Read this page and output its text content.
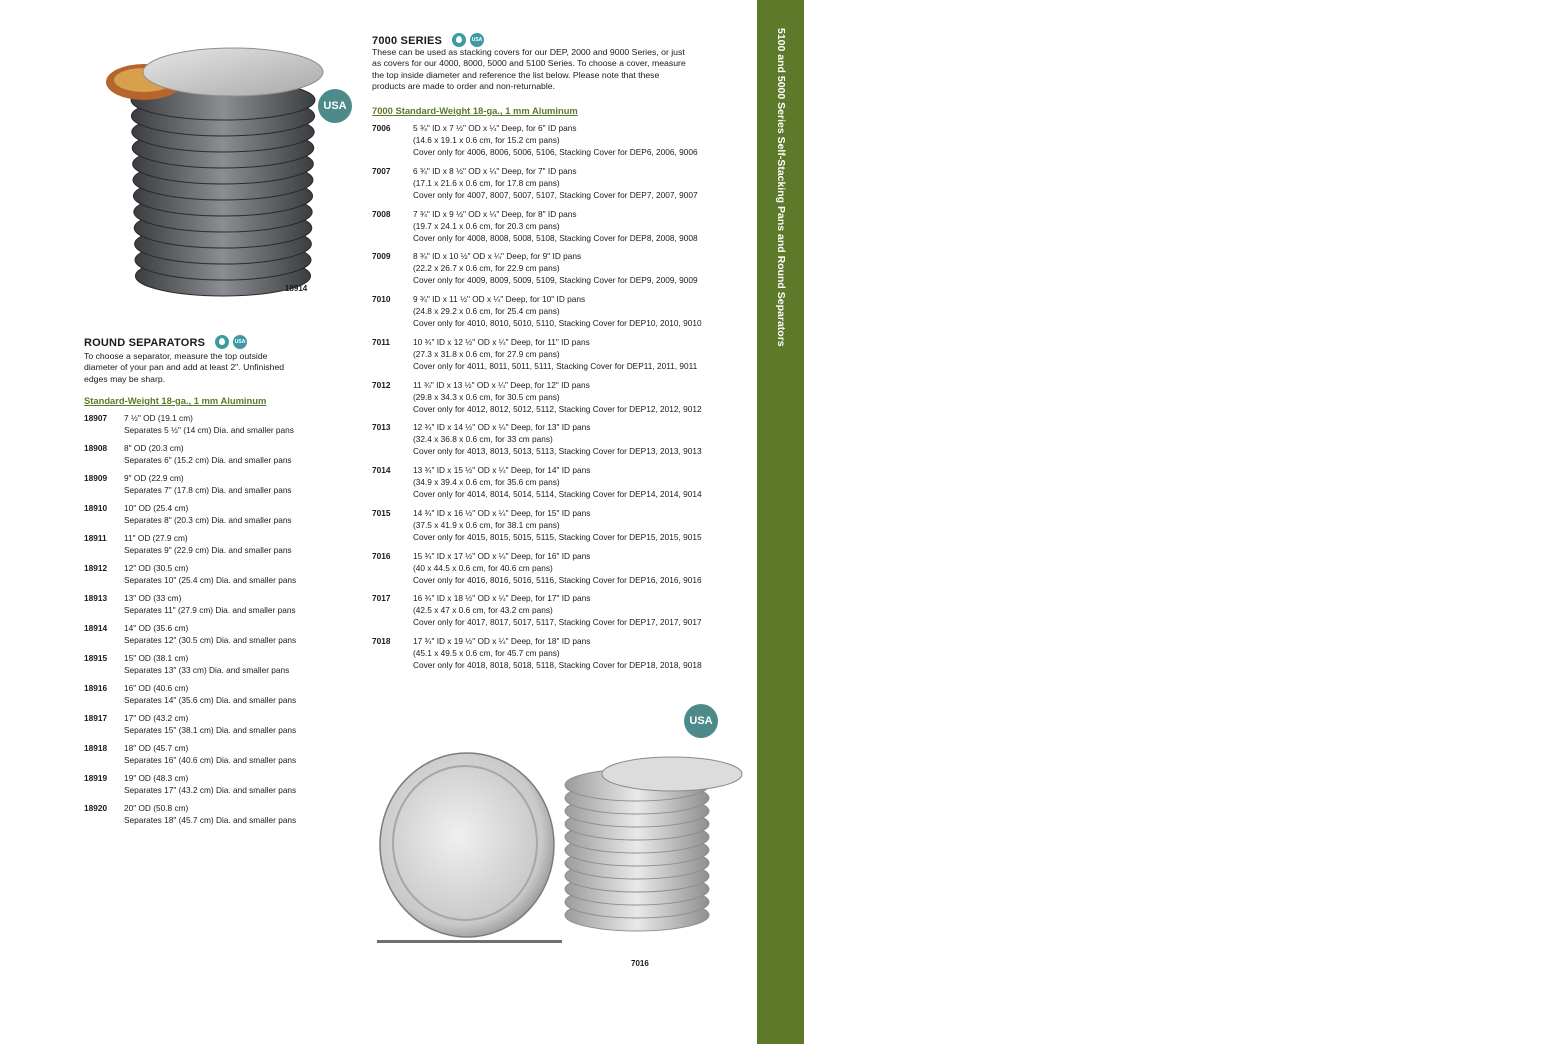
5100 and 5000 Series Self-Stacking Pans and Round Separators
417
USA
18914
ROUND SEPARATORS	USA
To choose a separator, measure the top outside
diameter of your pan and add at least 2". Unfinished
edges may be sharp.
Standard-Weight 18-ga., 1 mm Aluminum
18907 7 ½" OD (19.1 cm)
Separates 5 ½" (14 cm) Dia. and smaller pans
18908 8" OD (20.3 cm)
Separates 6" (15.2 cm) Dia. and smaller pans
18909 9" OD (22.9 cm)
Separates 7" (17.8 cm) Dia. and smaller pans
18910 10" OD (25.4 cm)
Separates 8" (20.3 cm) Dia. and smaller pans
18911 11" OD (27.9 cm)
Separates 9" (22.9 cm) Dia. and smaller pans
18912 12" OD (30.5 cm)
Separates 10" (25.4 cm) Dia. and smaller pans
18913 13" OD (33 cm)
Separates 11" (27.9 cm) Dia. and smaller pans
18914 14" OD (35.6 cm)
Separates 12" (30.5 cm) Dia. and smaller pans
18915 15" OD (38.1 cm)
Separates 13" (33 cm) Dia. and smaller pans
18916 16" OD (40.6 cm)
Separates 14" (35.6 cm) Dia. and smaller pans
18917 17" OD (43.2 cm)
Separates 15" (38.1 cm) Dia. and smaller pans
18918 18" OD (45.7 cm)
Separates 16" (40.6 cm) Dia. and smaller pans
18919 19" OD (48.3 cm)
Separates 17" (43.2 cm) Dia. and smaller pans
18920 20" OD (50.8 cm)
Separates 18" (45.7 cm) Dia. and smaller pans
7000 SERIES	USA
These can be used as stacking covers for our DEP, 2000 and 9000 Series, or just
as covers for our 4000, 8000, 5000 and 5100 Series. To choose a cover, measure
the top inside diameter and reference the list below. Please note that these
products are made to order and non-returnable.
7000 Standard-Weight 18-ga., 1 mm Aluminum
7006	5 ¾" ID x 7 ½" OD x ¼" Deep, for 6" ID pans
(14.6 x 19.1 x 0.6 cm, for 15.2 cm pans)
Cover only for 4006, 8006, 5006, 5106, Stacking Cover for DEP6, 2006, 9006
7007	6 ¾" ID x 8 ½" OD x ¼" Deep, for 7" ID pans
(17.1 x 21.6 x 0.6 cm, for 17.8 cm pans)
Cover only for 4007, 8007, 5007, 5107, Stacking Cover for DEP7, 2007, 9007
7008	7 ¾" ID x 9 ½" OD x ¼" Deep, for 8" ID pans
(19.7 x 24.1 x 0.6 cm, for 20.3 cm pans)
Cover only for 4008, 8008, 5008, 5108, Stacking Cover for DEP8, 2008, 9008
7009	8 ¾" ID x 10 ½" OD x ¼" Deep, for 9" ID pans
(22.2 x 26.7 x 0.6 cm, for 22.9 cm pans)
Cover only for 4009, 8009, 5009, 5109, Stacking Cover for DEP9, 2009, 9009
7010	9 ¾" ID x 11 ½" OD x ¼" Deep, for 10" ID pans
(24.8 x 29.2 x 0.6 cm, for 25.4 cm pans)
Cover only for 4010, 8010, 5010, 5110, Stacking Cover for DEP10, 2010, 9010
7011	10 ¾" ID x 12 ½" OD x ¼" Deep, for 11" ID pans
(27.3 x 31.8 x 0.6 cm, for 27.9 cm pans)
Cover only for 4011, 8011, 5011, 5111, Stacking Cover for DEP11, 2011, 9011
7012	11 ¾" ID x 13 ½" OD x ¼" Deep, for 12" ID pans
(29.8 x 34.3 x 0.6 cm, for 30.5 cm pans)
Cover only for 4012, 8012, 5012, 5112, Stacking Cover for DEP12, 2012, 9012
7013	12 ¾" ID x 14 ½" OD x ¼" Deep, for 13" ID pans
(32.4 x 36.8 x 0.6 cm, for 33 cm pans)
Cover only for 4013, 8013, 5013, 5113, Stacking Cover for DEP13, 2013, 9013
7014	13 ¾" ID x 15 ½" OD x ¼" Deep, for 14" ID pans
(34.9 x 39.4 x 0.6 cm, for 35.6 cm pans)
Cover only for 4014, 8014, 5014, 5114, Stacking Cover for DEP14, 2014, 9014
7015	14 ¾" ID x 16 ½" OD x ¼" Deep, for 15" ID pans
(37.5 x 41.9 x 0.6 cm, for 38.1 cm pans)
Cover only for 4015, 8015, 5015, 5115, Stacking Cover for DEP15, 2015, 9015
7016	15 ¾" ID x 17 ½" OD x ¼" Deep, for 16" ID pans
(40 x 44.5 x 0.6 cm, for 40.6 cm pans)
Cover only for 4016, 8016, 5016, 5116, Stacking Cover for DEP16, 2016, 9016
7017	16 ¾" ID x 18 ½" OD x ¼" Deep, for 17" ID pans
(42.5 x 47 x 0.6 cm, for 43.2 cm pans)
Cover only for 4017, 8017, 5017, 5117, Stacking Cover for DEP17, 2017, 9017
7018	17 ¾" ID x 19 ½" OD x ¼" Deep, for 18" ID pans
(45.1 x 49.5 x 0.6 cm, for 45.7 cm pans)
Cover only for 4018, 8018, 5018, 5118, Stacking Cover for DEP18, 2018, 9018
USA
7016
